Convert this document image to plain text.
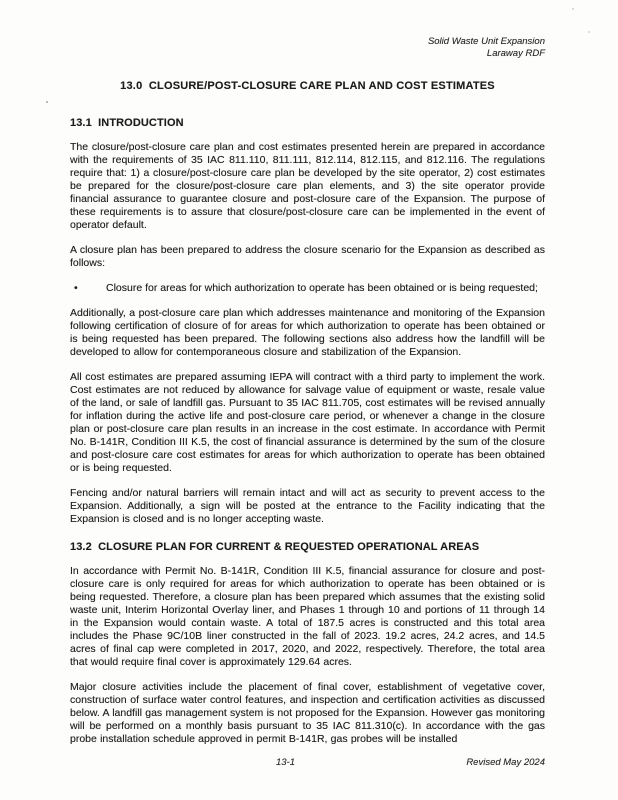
Solid Waste Unit Expansion
Laraway RDF
13.0  CLOSURE/POST-CLOSURE CARE PLAN AND COST ESTIMATES
13.1  INTRODUCTION

The closure/post-closure care plan and cost estimates presented herein are prepared in accordance with the requirements of 35 IAC 811.110, 811.111, 812.114, 812.115, and 812.116. The regulations require that: 1) a closure/post-closure care plan be developed by the site operator, 2) cost estimates be prepared for the closure/post-closure care plan elements, and 3) the site operator provide financial assurance to guarantee closure and post-closure care of the Expansion. The purpose of these requirements is to assure that closure/post-closure care can be implemented in the event of operator default.

A closure plan has been prepared to address the closure scenario for the Expansion as described as follows:

•	Closure for areas for which authorization to operate has been obtained or is being requested;

Additionally, a post-closure care plan which addresses maintenance and monitoring of the Expansion following certification of closure of for areas for which authorization to operate has been obtained or is being requested has been prepared. The following sections also address how the landfill will be developed to allow for contemporaneous closure and stabilization of the Expansion.

All cost estimates are prepared assuming IEPA will contract with a third party to implement the work. Cost estimates are not reduced by allowance for salvage value of equipment or waste, resale value of the land, or sale of landfill gas. Pursuant to 35 IAC 811.705, cost estimates will be revised annually for inflation during the active life and post-closure care period, or whenever a change in the closure plan or post-closure care plan results in an increase in the cost estimate. In accordance with Permit No. B-141R, Condition III K.5, the cost of financial assurance is determined by the sum of the closure and post-closure care cost estimates for areas for which authorization to operate has been obtained or is being requested.

Fencing and/or natural barriers will remain intact and will act as security to prevent access to the Expansion. Additionally, a sign will be posted at the entrance to the Facility indicating that the Expansion is closed and is no longer accepting waste.

13.2  CLOSURE PLAN FOR CURRENT & REQUESTED OPERATIONAL AREAS

In accordance with Permit No. B-141R, Condition III K.5, financial assurance for closure and post-closure care is only required for areas for which authorization to operate has been obtained or is being requested. Therefore, a closure plan has been prepared which assumes that the existing solid waste unit, Interim Horizontal Overlay liner, and Phases 1 through 10 and portions of 11 through 14 in the Expansion would contain waste. A total of 187.5 acres is constructed and this total area includes the Phase 9C/10B liner constructed in the fall of 2023. 19.2 acres, 24.2 acres, and 14.5 acres of final cap were completed in 2017, 2020, and 2022, respectively. Therefore, the total area that would require final cover is approximately 129.64 acres.

Major closure activities include the placement of final cover, establishment of vegetative cover, construction of surface water control features, and inspection and certification activities as discussed below. A landfill gas management system is not proposed for the Expansion. However gas monitoring will be performed on a monthly basis pursuant to 35 IAC 811.310(c). In accordance with the gas probe installation schedule approved in permit B-141R, gas probes will be installed

13-1	Revised May 2024
